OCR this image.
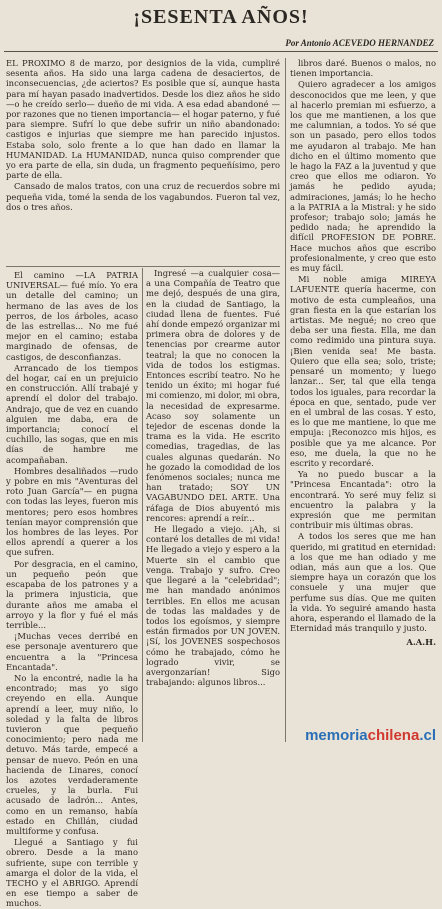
¡SESENTA AÑOS!
Por Antonio ACEVEDO HERNANDEZ

EL PROXIMO 8 de marzo, por designios de la vida, cumpliré sesenta años. Ha sido una larga cadena de desaciertos, de inconsecuencias, ¿de aciertos? Es posible que sí, aunque hasta para mí hayan pasado inadvertidos. Desde los diez años he sido —o he creído serlo— dueño de mi vida. A esa edad abandoné —por razones que no tienen importancia— el hogar paterno, y fué para siempre. Sufrí lo que debe sufrir un niño abandonado: castigos e injurias que siempre me han parecido injustos. Estaba solo, solo frente a lo que han dado en llamar la HUMANIDAD. La HUMANIDAD, nunca quiso comprender que yo era parte de ella, sin duda, un fragmento pequeñísimo, pero parte de ella.

Cansado de malos tratos, con una cruz de recuerdos sobre mi pequeña vida, tomé la senda de los vagabundos. Fueron tal vez, dos o tres años.

El camino —LA PATRIA UNIVERSAL— fué mío. Yo era un detalle del camino; un hermano de las aves de los perros, de los árboles, acaso de las estrellas... No me fué mejor en el camino; estaba marginado de ofensas, de castigos, de desconfianzas.

Arrancado de los tiempos del hogar, caí en un prejuicio en construcción. Allí trabajé y aprendí el dolor del trabajo. Andrajo, que de vez en cuando alguien me daba, era de importancia; conocí el cuchillo, las sogas, que en mis días de hambre me acompañaban.

Hombres desaliñados —rudo y pobre en mis "Aventuras del roto Juan García"— en pugna con todas las leyes, fueron mis mentores; pero esos hombres tenían mayor comprensión que los hombres de las leyes. Por ellos aprendí a querer a los que sufren.

Por desgracia, en el camino, un pequeño peón que escapaba de los patrones y a la primera injusticia, que durante años me amaba el arroyo y la flor y fué el más terrible...

¡Muchas veces derribé en ese personaje aventurero que encuentra a la "Princesa Encantada".

No la encontré, nadie la ha encontrado; mas yo sigo creyendo en ella. Aunque aprendí a leer, muy niño, lo soledad y la falta de libros tuvieron que pequeño conocimiento; pero nada me detuvo. Más tarde, empecé a pensar de nuevo. Peón en una hacienda de Linares, conocí los azotes verdaderamente crueles, y la burla. Fui acusado de ladrón... Antes, como en un remanso, había estado en Chillán, ciudad multiforme y confusa.

Llegué a Santiago y fui obrero. Desde a la mano sufriente, supe con terrible y amarga el dolor de la vida, el TECHO y el ABRIGO. Aprendí en ese tiempo a saber de muchos.

Ingresé —a cualquier cosa— a una Compañía de Teatro que me dejó, después de una gira, en la ciudad de Santiago, la ciudad llena de fuentes. Fué ahí donde empezó organizar mi primera obra de dolores y de tenencias por crearme autor teatral; la que no conocen la vida de todos los estigmas. Entonces escribí teatro. No he tenido un éxito; mi hogar fué mi comienzo, mi dolor, mi obra, la necesidad de expresarme. Acaso soy solamente un tejedor de escenas donde la trama es la vida. He escrito comedias, tragedias, de las cuales algunas quedarán. No he gozado la comodidad de los fenómenos sociales; nunca me han tratado; SOY UN VAGABUNDO DEL ARTE. Una ráfaga de Dios abuyentó mis rencores: aprendí a reír...

He llegado a viejo. ¡Ah, si contaré los detalles de mi vida! He llegado a viejo y espero a la Muerte sin el cambio que venga. Trabajo y sufro. Creo que llegaré a la "celebridad"; me han mandado anónimos terribles. En ellos me acusan de todas las maldades y de todos los egoísmos, y siempre están firmados por UN JOVEN. ¡Sí, los JOVENES sospechosos cómo he trabajado, cómo he logrado vivir, se avergonzarían! Sigo trabajando: algunos libros...

libros daré. Buenos o malos, no tienen importancia.

Quiero agradecer a los amigos desconocidos que me leen, y que al hacerlo premian mi esfuerzo, a los que me mantienen, a los que me calumnian, a todos. Yo sé que son un pasado, pero ellos todos me ayudaron al trabajo. Me han dicho en el último momento que le hago la FAZ a la juventud y que creo que ellos me odiaron. Yo jamás he pedido ayuda; admiraciones, jamás; lo he hecho a la PATRIA a la Mistral: y he sido profesor; trabajo solo; jamás he pedido nada; he aprendido la difícil PROFESION DE POBRE. Hace muchos años que escribo profesionalmente, y creo que esto es muy fácil.

Mi noble amiga MIREYA LAFUENTE quería hacerme, con motivo de esta cumpleaños, una gran fiesta en la que estarían los artistas. Me negué; no creo que deba ser una fiesta. Ella, me dan como redimido una pintura suya. ¡Bien venida sea! Me basta. Quiero que ella sea; solo, triste; pensaré un momento; y luego lanzar... Ser, tal que ella tenga todos los iguales, para recordar la época en que, sentado, pude ver en el umbral de las cosas. Y esto, es lo que me mantiene, lo que me empuja: ¡Reconozco mis hijos, es posible que ya me alcance. Por eso, me duela, la que no he escrito y recordaré.

Ya no puedo buscar a la "Princesa Encantada": otro la encontrará. Yo seré muy feliz si encuentro la palabra y la expresión que me permitan contribuir mis últimas obras.

A todos los seres que me han querido, mi gratitud en eternidad: a los que me han odiado y me odian, más aun que a los. Que siempre haya un corazón que los consuele y una mujer que perfume sus días. Que me quiten la vida. Yo seguiré amando hasta ahora, esperando el llamado de la Eternidad más tranquilo y justo.

A.A.H.
memoriachilena.cl
